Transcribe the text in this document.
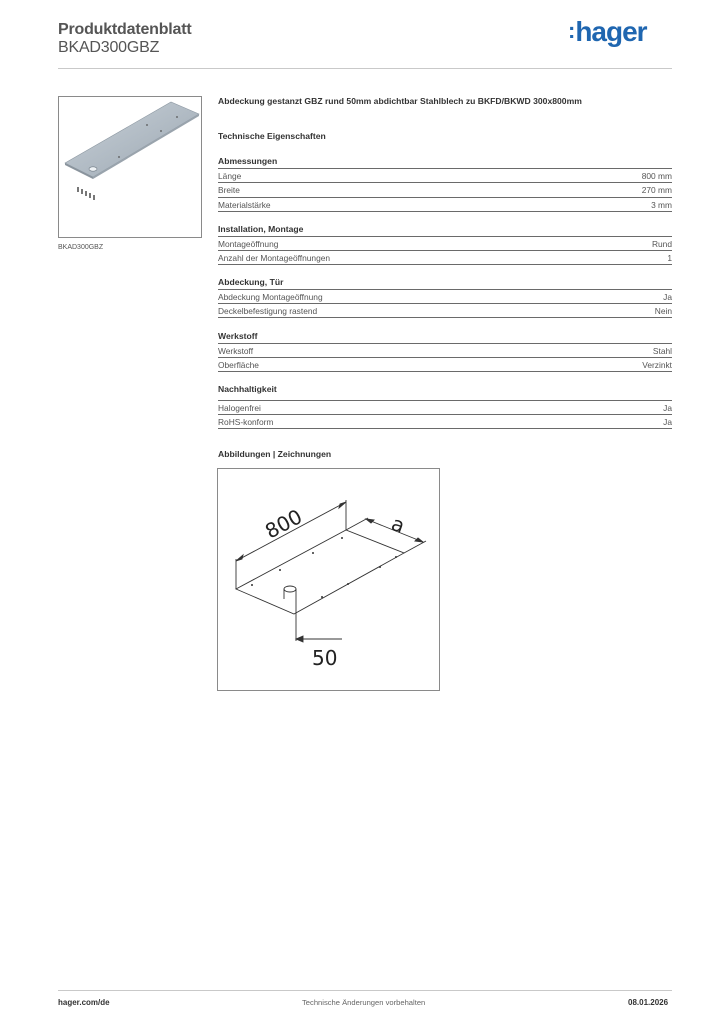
Produktdatenblatt
BKAD300GBZ
:hager
BKAD300GBZ
Abdeckung gestanzt GBZ rund 50mm abdichtbar Stahlblech zu BKFD/BKWD 300x800mm
Technische Eigenschaften
Abmessungen
Länge	800 mm
Breite	270 mm
Materialstärke	3 mm
Installation, Montage
Montageöffnung	Rund
Anzahl der Montageöffnungen	1
Abdeckung, Tür
Abdeckung Montageöffnung	Ja
Deckelbefestigung rastend	Nein
Werkstoff
Werkstoff	Stahl
Oberfläche	Verzinkt
Nachhaltigkeit
Halogenfrei	Ja
RoHS-konform	Ja
Abbildungen | Zeichnungen
800	a
50
hager.com/de	Technische Änderungen vorbehalten	08.01.2026
